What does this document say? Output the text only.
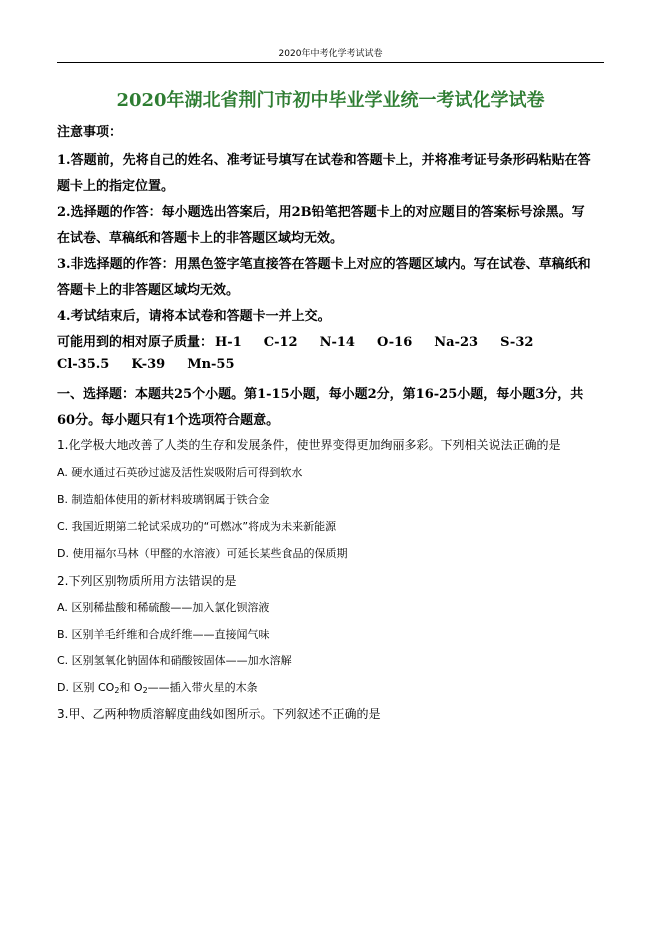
2020年中考化学考试试卷
2020年湖北省荆门市初中毕业学业统一考试化学试卷
注意事项：
1.答题前，先将自己的姓名、准考证号填写在试卷和答题卡上，并将准考证号条形码粘贴在答
题卡上的指定位置。
2.选择题的作答：每小题选出答案后，用2B铅笔把答题卡上的对应题目的答案标号涂黑。写
在试卷、草稿纸和答题卡上的非答题区域均无效。
3.非选择题的作答：用黑色签字笔直接答在答题卡上对应的答题区域内。写在试卷、草稿纸和
答题卡上的非答题区域均无效。
4.考试结束后，请将本试卷和答题卡一并上交。
可能用到的相对原子质量： H-1 C-12 N-14 O-16 Na-23 S-32
Cl-35.5 K-39 Mn-55
一、选择题：本题共25个小题。第1-15小题，每小题2分，第16-25小题，每小题3分，共
60分。每小题只有1个选项符合题意。
1.化学极大地改善了人类的生存和发展条件，使世界变得更加绚丽多彩。下列相关说法正确的是
A. 硬水通过石英砂过滤及活性炭吸附后可得到软水
B. 制造船体使用的新材料玻璃钢属于铁合金
C. 我国近期第二轮试采成功的“可燃冰”将成为未来新能源
D. 使用福尔马林（甲醛的水溶液）可延长某些食品的保质期
2.下列区别物质所用方法错误的是
A. 区别稀盐酸和稀硫酸——加入氯化钡溶液
B. 区别羊毛纤维和合成纤维——直接闻气味
C. 区别氢氧化钠固体和硝酸铵固体——加水溶解
D. 区别 $CO_2$和 $O_2——$插入带火星的木条
3.甲、乙两种物质溶解度曲线如图所示。下列叙述不正确的是
